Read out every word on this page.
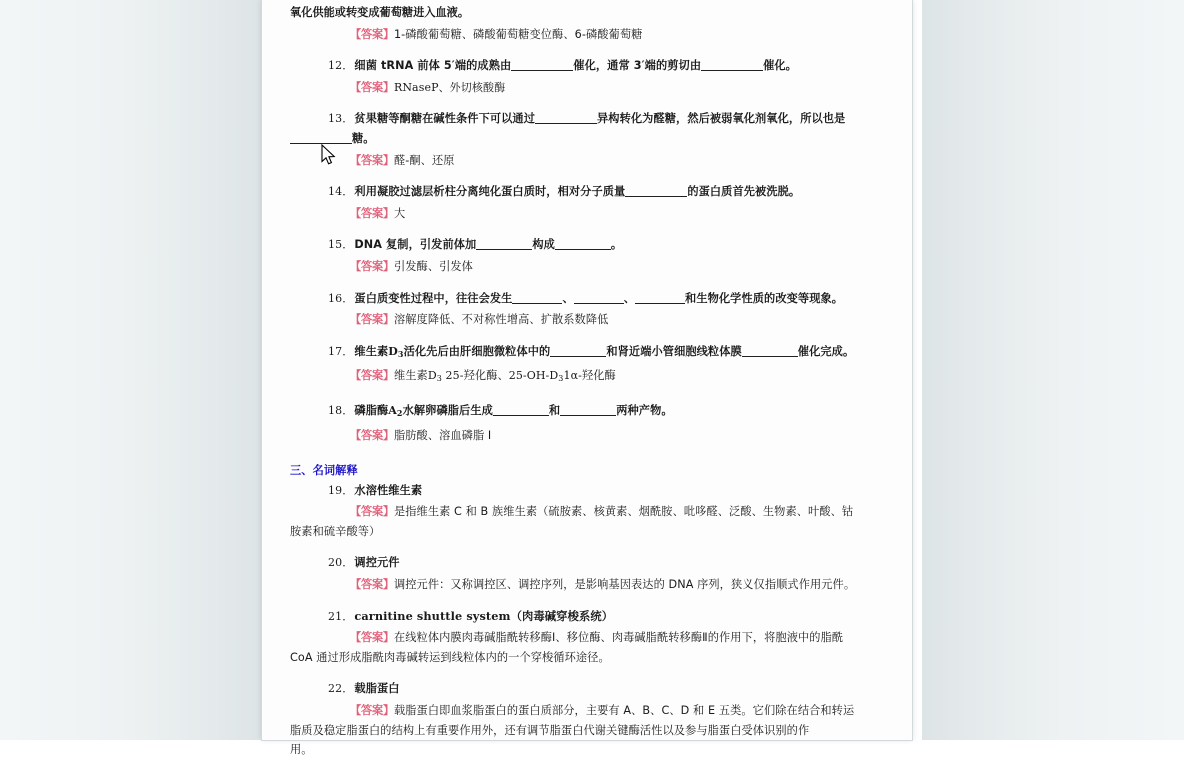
氧化供能或转变成葡萄糖进入血液。
【答案】1-磷酸葡萄糖、磷酸葡萄糖变位酶、6-磷酸葡萄糖
12．细菌 tRNA 前体 5′端的成熟由	催化，通常 3′端的剪切由	催化。
【答案】RNaseP、外切核酸酶
13．贫果糖等酮糖在碱性条件下可以通过	异构转化为醛糖，然后被弱氧化剂氧化，所以也是
糖。
【答案】醛-酮、还原
14．利用凝胶过滤层析柱分离纯化蛋白质时，相对分子质量	的蛋白质首先被洗脱。
【答案】大
15．DNA 复制，引发前体加	构成	。
【答案】引发酶、引发体
16．蛋白质变性过程中，往往会发生	、	、	和生物化学性质的改变等现象。
【答案】溶解度降低、不对称性增高、扩散系数降低
17．维生素$D_3$活化先后由肝细胞微粒体中的	和肾近端小管细胞线粒体膜	催化完成。
【答案】维生素$D_3$ 25-羟化酶、$25-OH-D_31\alpha-$羟化酶
18．磷脂酶$A_2$水解卵磷脂后生成	和	两种产物。
【答案】脂肪酸、溶血磷脂 I
三、名词解释
19．水溶性维生素
【答案】是指维生素 C 和 B 族维生素（硫胺素、核黄素、烟酰胺、吡哆醛、泛酸、生物素、叶酸、钴
胺素和硫辛酸等）
20．调控元件
【答案】调控元件：又称调控区、调控序列，是影响基因表达的 DNA 序列，狭义仅指顺式作用元件。
21．carnitine shuttle system（肉毒碱穿梭系统）
【答案】在线粒体内膜肉毒碱脂酰转移酶Ⅰ、移位酶、肉毒碱脂酰转移酶Ⅱ的作用下，将胞液中的脂酰
CoA 通过形成脂酰肉毒碱转运到线粒体内的一个穿梭循环途径。
22．载脂蛋白
【答案】载脂蛋白即血浆脂蛋白的蛋白质部分，主要有 A、B、C、D 和 E 五类。它们除在结合和转运
脂质及稳定脂蛋白的结构上有重要作用外，还有调节脂蛋白代谢关键酶活性以及参与脂蛋白受体识别的作
用。
